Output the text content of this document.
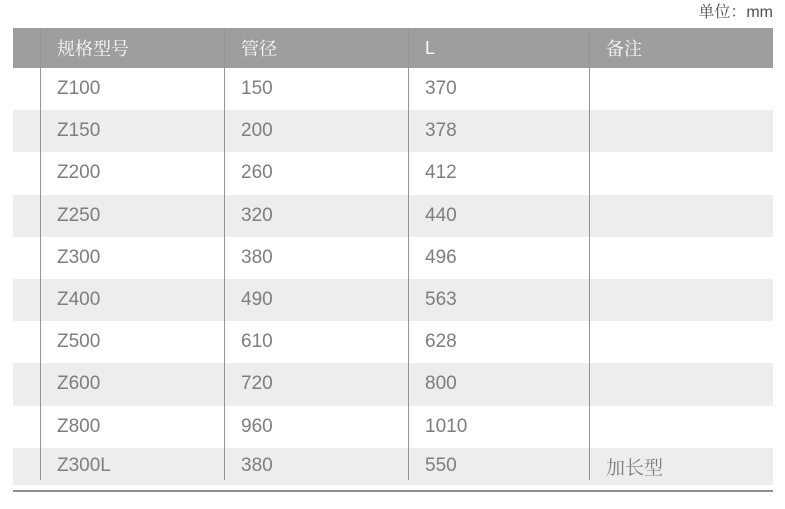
单位：mm
规格型号	管径	L	备注
Z100	150	370
Z150	200	378
Z200	260	412
Z250	320	440
Z300	380	496
Z400	490	563
Z500	610	628
Z600	720	800
Z800	960	1010
Z300L	380	550	加长型
